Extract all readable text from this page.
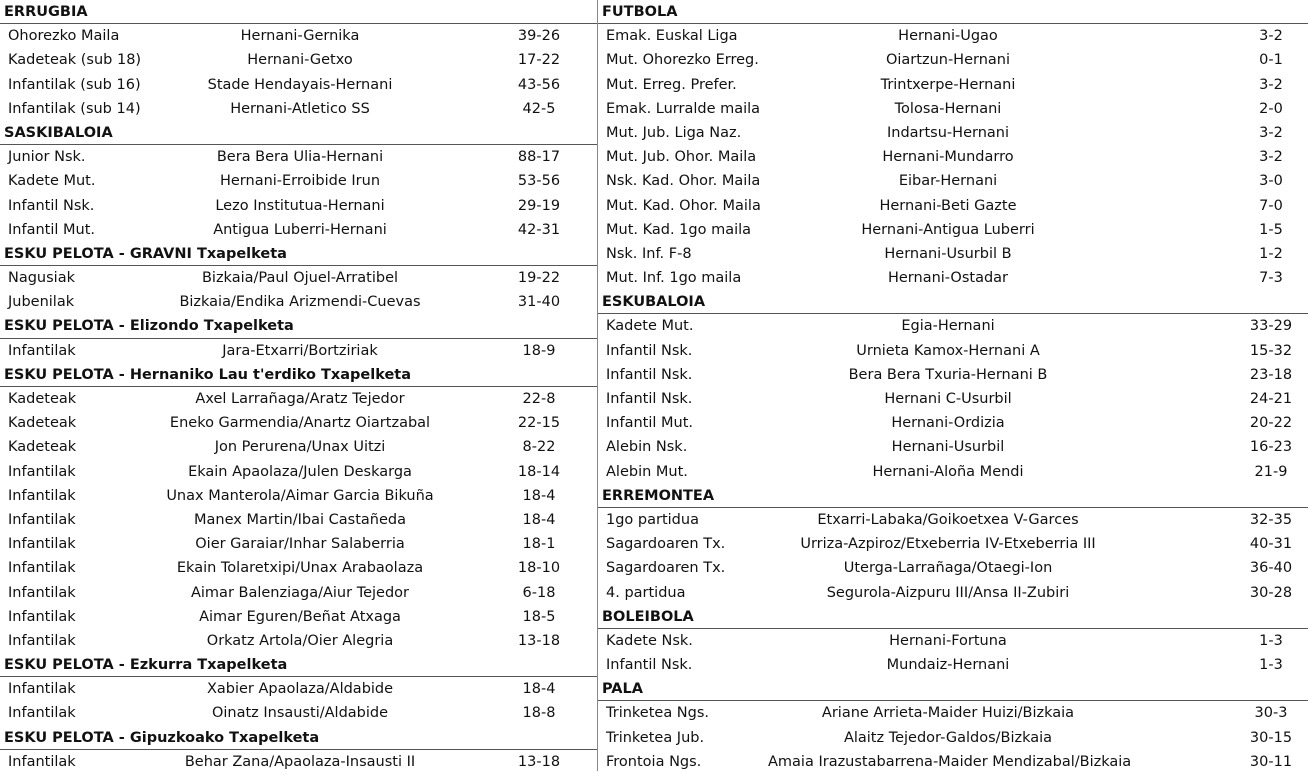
ERRUGBIA
Ohorezko Maila	Hernani-Gernika	39-26
Kadeteak (sub 18)	Hernani-Getxo	17-22
Infantilak (sub 16)	Stade Hendayais-Hernani	43-56
Infantilak (sub 14)	Hernani-Atletico SS	42-5
SASKIBALOIA
Junior Nsk.	Bera Bera Ulia-Hernani	88-17
Kadete Mut.	Hernani-Erroibide Irun	53-56
Infantil Nsk.	Lezo Institutua-Hernani	29-19
Infantil Mut.	Antigua Luberri-Hernani	42-31
ESKU PELOTA - GRAVNI Txapelketa
Nagusiak	Bizkaia/Paul Ojuel-Arratibel	19-22
Jubenilak	Bizkaia/Endika Arizmendi-Cuevas	31-40
ESKU PELOTA - Elizondo Txapelketa
Infantilak	Jara-Etxarri/Bortziriak	18-9
ESKU PELOTA - Hernaniko Lau t'erdiko Txapelketa
Kadeteak	Axel Larrañaga/Aratz Tejedor	22-8
Kadeteak	Eneko Garmendia/Anartz Oiartzabal	22-15
Kadeteak	Jon Perurena/Unax Uitzi	8-22
Infantilak	Ekain Apaolaza/Julen Deskarga	18-14
Infantilak	Unax Manterola/Aimar Garcia Bikuña	18-4
Infantilak	Manex Martin/Ibai Castañeda	18-4
Infantilak	Oier Garaiar/Inhar Salaberria	18-1
Infantilak	Ekain Tolaretxipi/Unax Arabaolaza	18-10
Infantilak	Aimar Balenziaga/Aiur Tejedor	6-18
Infantilak	Aimar Eguren/Beñat Atxaga	18-5
Infantilak	Orkatz Artola/Oier Alegria	13-18
ESKU PELOTA - Ezkurra Txapelketa
Infantilak	Xabier Apaolaza/Aldabide	18-4
Infantilak	Oinatz Insausti/Aldabide	18-8
ESKU PELOTA - Gipuzkoako Txapelketa
Infantilak	Behar Zana/Apaolaza-Insausti II	13-18
FUTBOLA
Emak. Euskal Liga	Hernani-Ugao	3-2
Mut. Ohorezko Erreg.	Oiartzun-Hernani	0-1
Mut. Erreg. Prefer.	Trintxerpe-Hernani	3-2
Emak. Lurralde maila	Tolosa-Hernani	2-0
Mut. Jub. Liga Naz.	Indartsu-Hernani	3-2
Mut. Jub. Ohor. Maila	Hernani-Mundarro	3-2
Nsk. Kad. Ohor. Maila	Eibar-Hernani	3-0
Mut. Kad. Ohor. Maila	Hernani-Beti Gazte	7-0
Mut. Kad. 1go maila	Hernani-Antigua Luberri	1-5
Nsk. Inf. F-8	Hernani-Usurbil B	1-2
Mut. Inf. 1go maila	Hernani-Ostadar	7-3
ESKUBALOIA
Kadete Mut.	Egia-Hernani	33-29
Infantil Nsk.	Urnieta Kamox-Hernani A	15-32
Infantil Nsk.	Bera Bera Txuria-Hernani B	23-18
Infantil Nsk.	Hernani C-Usurbil	24-21
Infantil Mut.	Hernani-Ordizia	20-22
Alebin Nsk.	Hernani-Usurbil	16-23
Alebin Mut.	Hernani-Aloña Mendi	21-9
ERREMONTEA
1go partidua	Etxarri-Labaka/Goikoetxea V-Garces	32-35
Sagardoaren Tx.	Urriza-Azpiroz/Etxeberria IV-Etxeberria III	40-31
Sagardoaren Tx.	Uterga-Larrañaga/Otaegi-Ion	36-40
4. partidua	Segurola-Aizpuru III/Ansa II-Zubiri	30-28
BOLEIBOLA
Kadete Nsk.	Hernani-Fortuna	1-3
Infantil Nsk.	Mundaiz-Hernani	1-3
PALA
Trinketea Ngs.	Ariane Arrieta-Maider Huizi/Bizkaia	30-3
Trinketea Jub.	Alaitz Tejedor-Galdos/Bizkaia	30-15
Frontoia Ngs.	Amaia Irazustabarrena-Maider Mendizabal/Bizkaia	30-11
